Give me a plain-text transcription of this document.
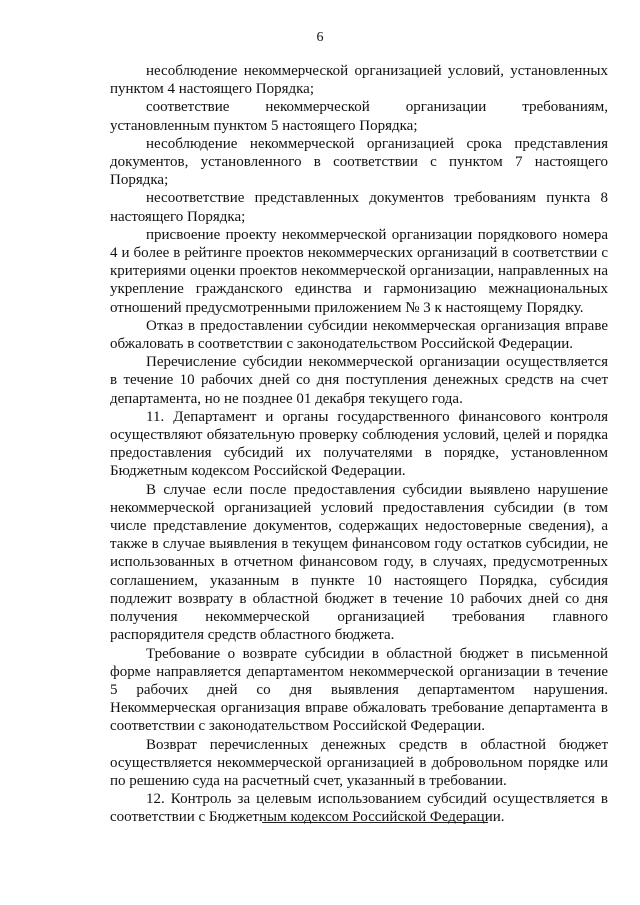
6

несоблюдение некоммерческой организацией условий, установленных пунктом 4 настоящего Порядка;

соответствие некоммерческой организации требованиям, установленным пунктом 5 настоящего Порядка;

несоблюдение некоммерческой организацией срока представления документов, установленного в соответствии с пунктом 7 настоящего Порядка;

несоответствие представленных документов требованиям пункта 8 настоящего Порядка;

присвоение проекту некоммерческой организации порядкового номера 4 и более в рейтинге проектов некоммерческих организаций в соответствии с критериями оценки проектов некоммерческой организации, направленных на укрепление гражданского единства и гармонизацию межнациональных отношений предусмотренными приложением № 3 к настоящему Порядку.

Отказ в предоставлении субсидии некоммерческая организация вправе обжаловать в соответствии с законодательством Российской Федерации.

Перечисление субсидии некоммерческой организации осуществляется в течение 10 рабочих дней со дня поступления денежных средств на счет департамента, но не позднее 01 декабря текущего года.

11. Департамент и органы государственного финансового контроля осуществляют обязательную проверку соблюдения условий, целей и порядка предоставления субсидий их получателями в порядке, установленном Бюджетным кодексом Российской Федерации.

В случае если после предоставления субсидии выявлено нарушение некоммерческой организацией условий предоставления субсидии (в том числе представление документов, содержащих недостоверные сведения), а также в случае выявления в текущем финансовом году остатков субсидии, не использованных в отчетном финансовом году, в случаях, предусмотренных соглашением, указанным в пункте 10 настоящего Порядка, субсидия подлежит возврату в областной бюджет в течение 10 рабочих дней со дня получения некоммерческой организацией требования главного распорядителя средств областного бюджета.

Требование о возврате субсидии в областной бюджет в письменной форме направляется департаментом некоммерческой организации в течение 5 рабочих дней со дня выявления департаментом нарушения. Некоммерческая организация вправе обжаловать требование департамента в соответствии с законодательством Российской Федерации.

Возврат перечисленных денежных средств в областной бюджет осуществляется некоммерческой организацией в добровольном порядке или по решению суда на расчетный счет, указанный в требовании.

12. Контроль за целевым использованием субсидий осуществляется в соответствии с Бюджетным кодексом Российской Федерации.
